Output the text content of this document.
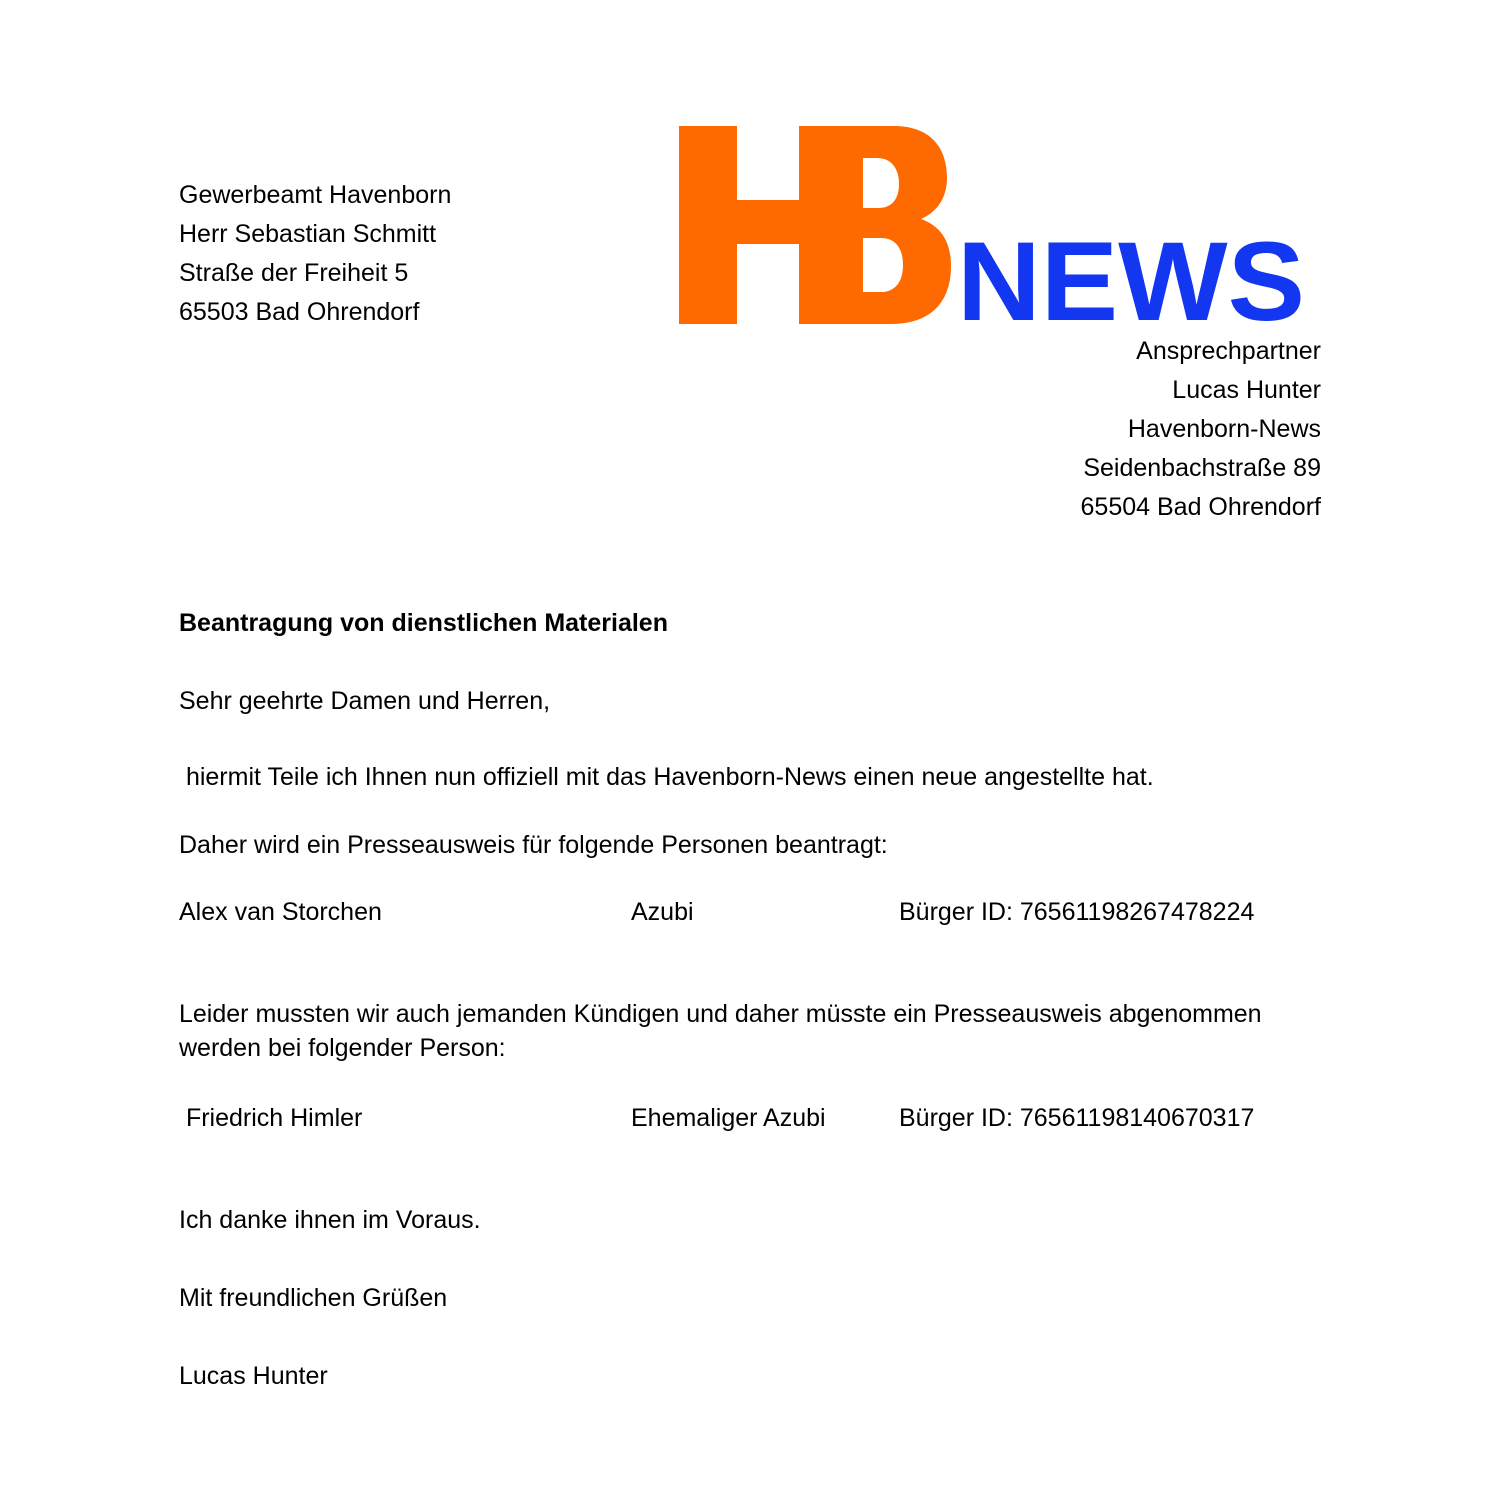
Gewerbeamt Havenborn
Herr Sebastian Schmitt
Straße der Freiheit 5
65503 Bad Ohrendorf	NEWS
Ansprechpartner
Lucas Hunter
Havenborn-News
Seidenbachstraße 89
65504 Bad Ohrendorf
Beantragung von dienstlichen Materialen
Sehr geehrte Damen und Herren,
hiermit Teile ich Ihnen nun offiziell mit das Havenborn-News einen neue angestellte hat.
Daher wird ein Presseausweis für folgende Personen beantragt:
Alex van Storchen	Azubi	Bürger ID: 76561198267478224
Leider mussten wir auch jemanden Kündigen und daher müsste ein Presseausweis abgenommen werden bei folgender Person:
Friedrich Himler	Ehemaliger Azubi	Bürger ID: 76561198140670317
Ich danke ihnen im Voraus.
Mit freundlichen Grüßen
Lucas Hunter
